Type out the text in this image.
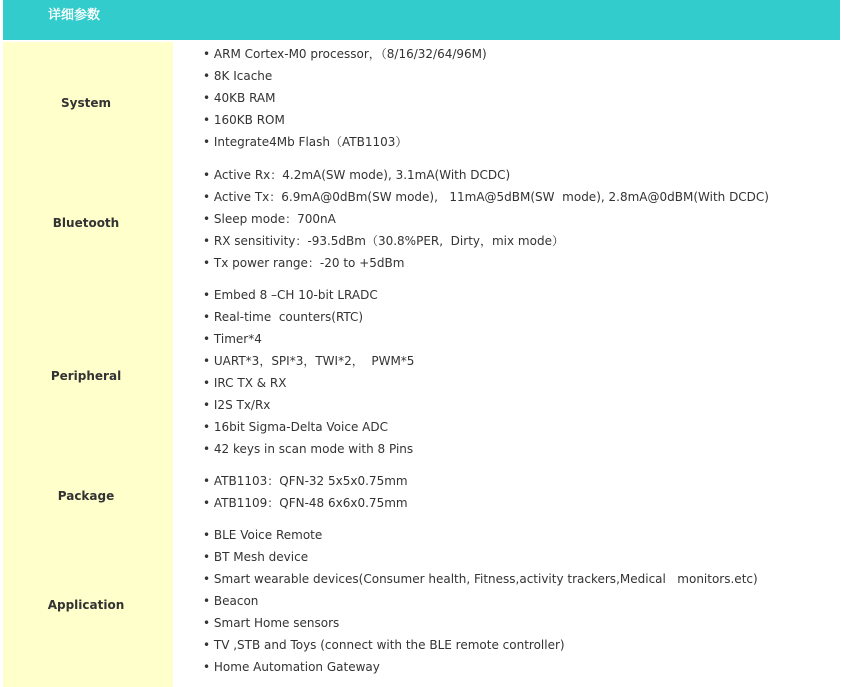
详细参数
System
• ARM Cortex-M0 processor，（8/16/32/64/96M)
• 8K Icache
• 40KB RAM
• 160KB ROM
• Integrate4Mb Flash（ATB1103）
Bluetooth
• Active Rx：4.2mA(SW mode), 3.1mA(With DCDC)
• Active Tx：6.9mA@0dBm(SW mode),   11mA@5dBM(SW  mode), 2.8mA@0dBM(With DCDC)
• Sleep mode：700nA
• RX sensitivity：-93.5dBm（30.8%PER,  Dirty，mix mode）
• Tx power range：-20 to +5dBm
Peripheral
• Embed 8 –CH 10-bit LRADC
• Real-time  counters(RTC)
• Timer*4
• UART*3，SPI*3，TWI*2，  PWM*5
• IRC TX & RX
• I2S Tx/Rx
• 16bit Sigma-Delta Voice ADC
• 42 keys in scan mode with 8 Pins
Package
• ATB1103：QFN-32 5x5x0.75mm
• ATB1109：QFN-48 6x6x0.75mm
Application
• BLE Voice Remote
• BT Mesh device
• Smart wearable devices(Consumer health, Fitness,activity trackers,Medical   monitors.etc)
• Beacon
• Smart Home sensors
• TV ,STB and Toys (connect with the BLE remote controller)
• Home Automation Gateway
